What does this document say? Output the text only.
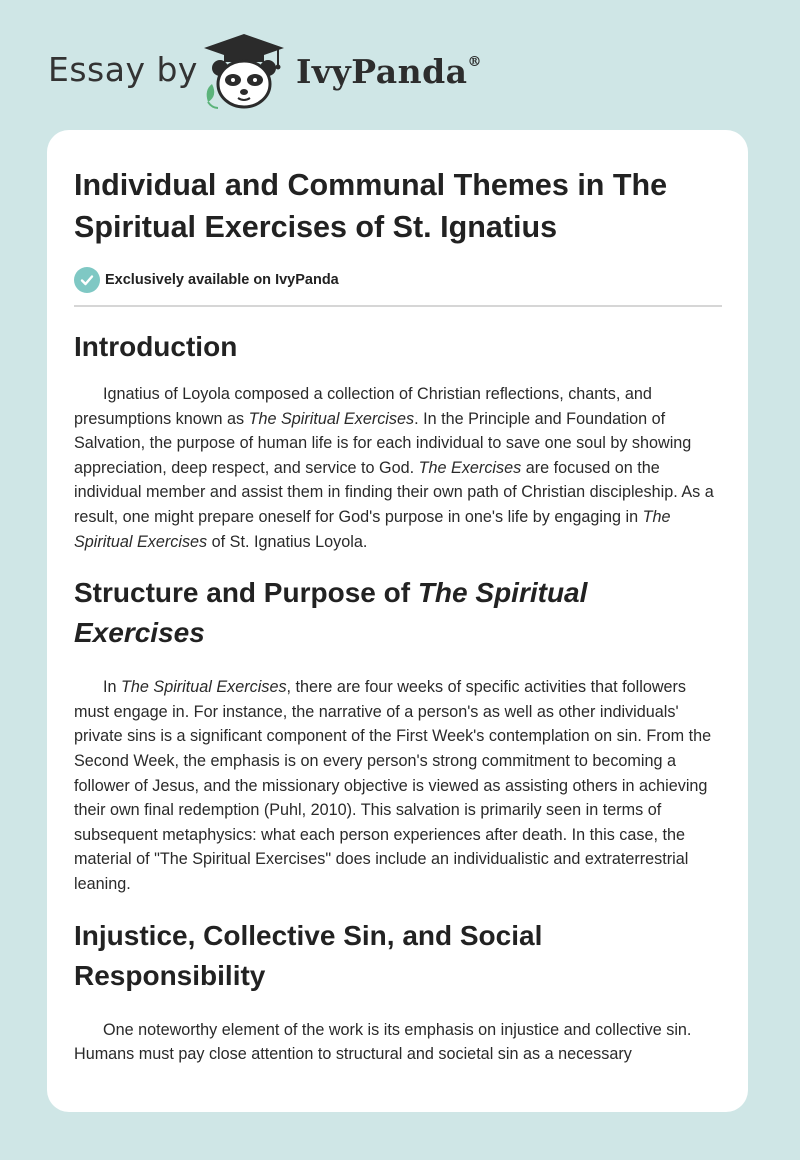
Essay by	IvyPanda®
Individual and Communal Themes in The Spiritual Exercises of St. Ignatius
Exclusively available on IvyPanda
Introduction

Ignatius of Loyola composed a collection of Christian reflections, chants, and presumptions known as The Spiritual Exercises. In the Principle and Foundation of Salvation, the purpose of human life is for each individual to save one soul by showing appreciation, deep respect, and service to God. The Exercises are focused on the individual member and assist them in finding their own path of Christian discipleship. As a result, one might prepare oneself for God's purpose in one's life by engaging in The Spiritual Exercises of St. Ignatius Loyola.

Structure and Purpose of The Spiritual Exercises

In The Spiritual Exercises, there are four weeks of specific activities that followers must engage in. For instance, the narrative of a person's as well as other individuals' private sins is a significant component of the First Week's contemplation on sin. From the Second Week, the emphasis is on every person's strong commitment to becoming a follower of Jesus, and the missionary objective is viewed as assisting others in achieving their own final redemption (Puhl, 2010). This salvation is primarily seen in terms of subsequent metaphysics: what each person experiences after death. In this case, the material of "The Spiritual Exercises" does include an individualistic and extraterrestrial leaning.

Injustice, Collective Sin, and Social Responsibility

One noteworthy element of the work is its emphasis on injustice and collective sin. Humans must pay close attention to structural and societal sin as a necessary
